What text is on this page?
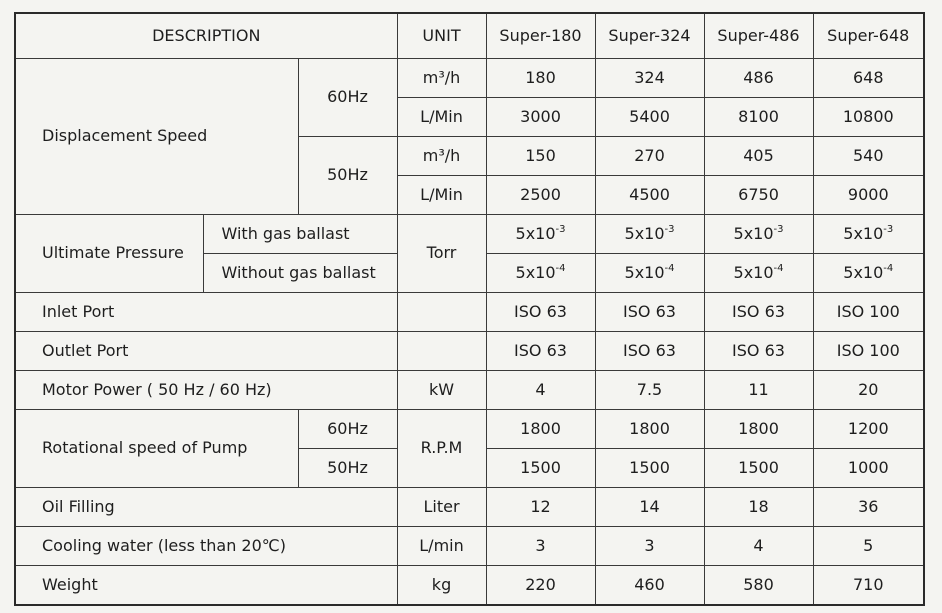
DESCRIPTION			UNIT	Super-180	Super-324	Super-486	Super-648
Displacement Speed		60Hz	m³/h	180	324	486	648
			L/Min	3000	5400	8100	10800
		50Hz	m³/h	150	270	405	540
			L/Min	2500	4500	6750	9000
Ultimate Pressure	With gas ballast		Torr	$5x10^{-3}$	$5x10^{-3}$	$5x10^{-3}$	$5x10^{-3}$
	Without gas ballast			$5x10^{-4}$	$5x10^{-4}$	$5x10^{-4}$	$5x10^{-4}$
Inlet Port				ISO 63	ISO 63	ISO 63	ISO 100
Outlet Port				ISO 63	ISO 63	ISO 63	ISO 100
Motor Power ( 50 Hz / 60 Hz)			kW	4	7.5	11	20
Rotational speed of Pump		60Hz	R.P.M	1800	1800	1800	1200
		50Hz		1500	1500	1500	1000
Oil Filling			Liter	12	14	18	36
Cooling water (less than 20℃)			L/min	3	3	4	5
Weight			kg	220	460	580	710
